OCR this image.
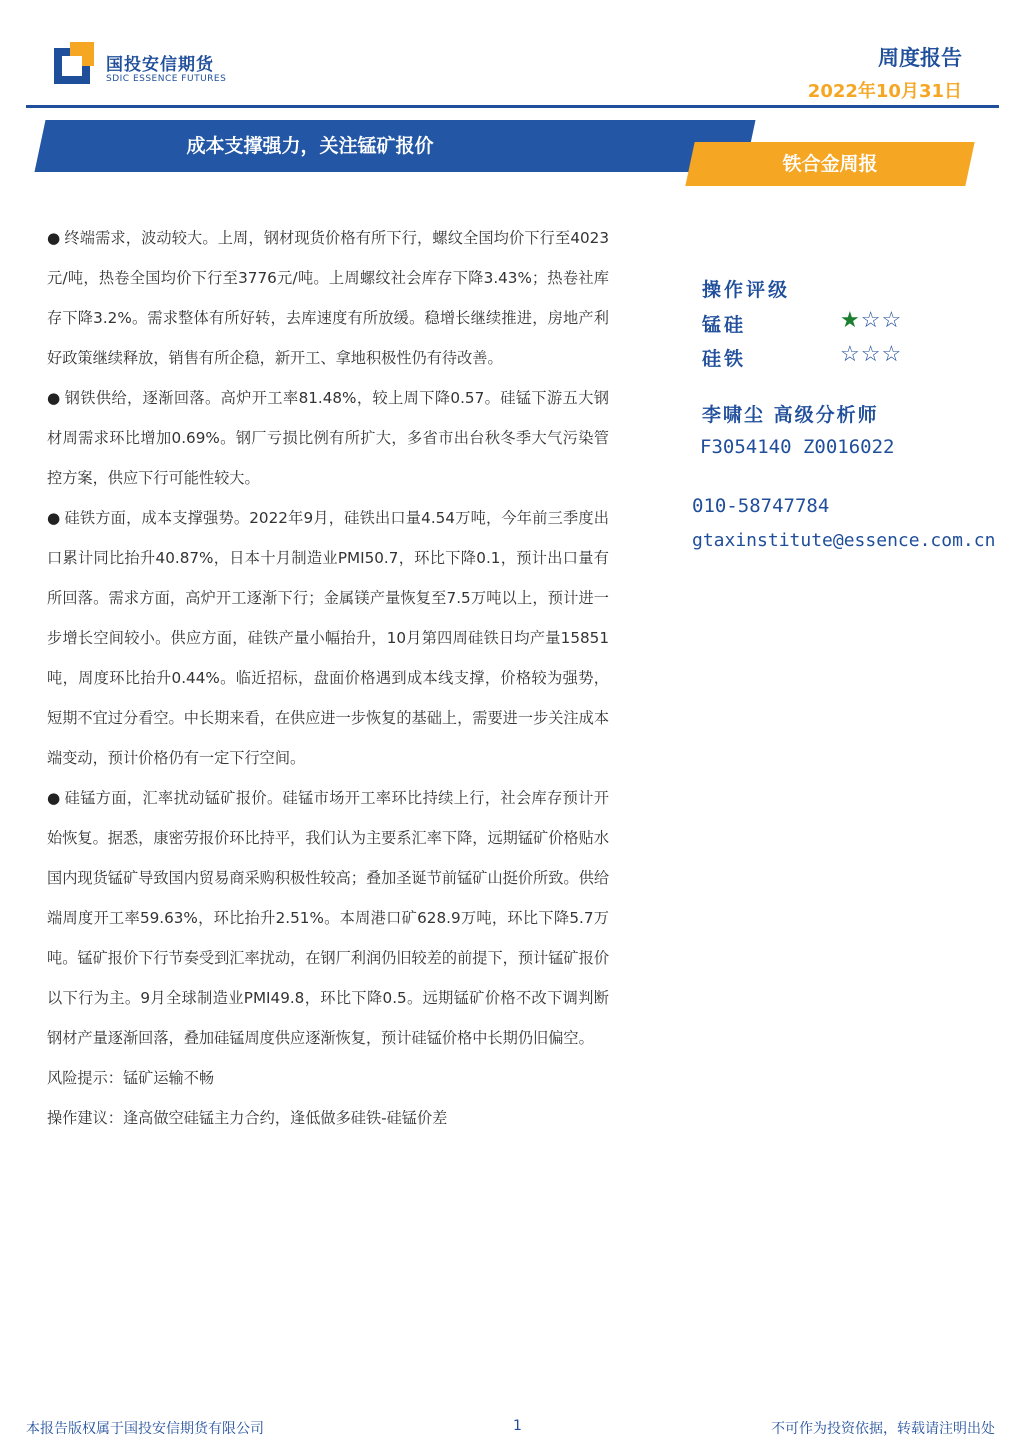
国投安信期货
SDIC ESSENCE FUTURES
周度报告
2022年10月31日
成本支撑强力，关注锰矿报价
铁合金周报

● 终端需求，波动较大。上周，钢材现货价格有所下行，螺纹全国均价下行至4023元/吨，热卷全国均价下行至3776元/吨。上周螺纹社会库存下降3.43%；热卷社库存下降3.2%。需求整体有所好转，去库速度有所放缓。稳增长继续推进，房地产利好政策继续释放，销售有所企稳，新开工、拿地积极性仍有待改善。

● 钢铁供给，逐渐回落。高炉开工率81.48%，较上周下降0.57。硅锰下游五大钢材周需求环比增加0.69%。钢厂亏损比例有所扩大，多省市出台秋冬季大气污染管控方案，供应下行可能性较大。

● 硅铁方面，成本支撑强势。2022年9月，硅铁出口量4.54万吨，今年前三季度出口累计同比抬升40.87%，日本十月制造业PMI50.7，环比下降0.1，预计出口量有所回落。需求方面，高炉开工逐渐下行；金属镁产量恢复至7.5万吨以上，预计进一步增长空间较小。供应方面，硅铁产量小幅抬升，10月第四周硅铁日均产量15851吨，周度环比抬升0.44%。临近招标，盘面价格遇到成本线支撑，价格较为强势，短期不宜过分看空。中长期来看，在供应进一步恢复的基础上，需要进一步关注成本端变动，预计价格仍有一定下行空间。

● 硅锰方面，汇率扰动锰矿报价。硅锰市场开工率环比持续上行，社会库存预计开始恢复。据悉，康密劳报价环比持平，我们认为主要系汇率下降，远期锰矿价格贴水国内现货锰矿导致国内贸易商采购积极性较高；叠加圣诞节前锰矿山挺价所致。供给端周度开工率59.63%，环比抬升2.51%。本周港口矿628.9万吨，环比下降5.7万吨。锰矿报价下行节奏受到汇率扰动，在钢厂利润仍旧较差的前提下，预计锰矿报价以下行为主。9月全球制造业PMI49.8，环比下降0.5。远期锰矿价格不改下调判断钢材产量逐渐回落，叠加硅锰周度供应逐渐恢复，预计硅锰价格中长期仍旧偏空。

风险提示：锰矿运输不畅

操作建议：逢高做空硅锰主力合约，逢低做多硅铁-硅锰价差

操作评级
锰硅	★☆☆
硅铁	☆☆☆
李啸尘 高级分析师
F3054140 Z0016022
010-58747784
gtaxinstitute@essence.com.cn
本报告版权属于国投安信期货有限公司	1	不可作为投资依据，转载请注明出处
